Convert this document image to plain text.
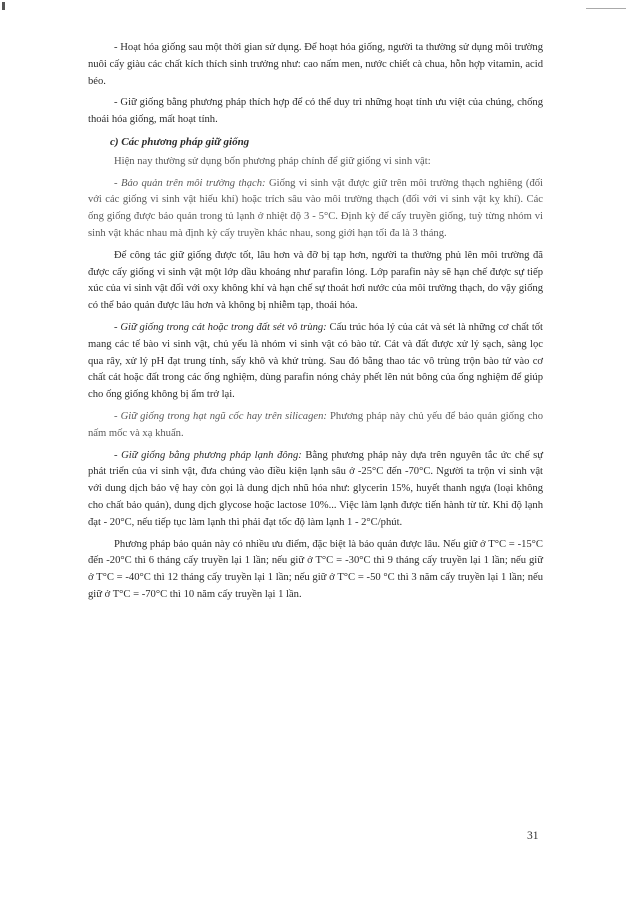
- Hoạt hóa giống sau một thời gian sử dụng. Để hoạt hóa giống, người ta thường sử dụng môi trường nuôi cấy giàu các chất kích thích sinh trưởng như: cao nấm men, nước chiết cà chua, hỗn hợp vitamin, acid béo.

- Giữ giống bằng phương pháp thích hợp để có thể duy trì những hoạt tính ưu việt của chúng, chống thoái hóa giống, mất hoạt tính.

c) Các phương pháp giữ giống

Hiện nay thường sử dụng bốn phương pháp chính để giữ giống vi sinh vật:

- Bảo quản trên môi trường thạch: Giống vi sinh vật được giữ trên môi trường thạch nghiêng (đối với các giống vi sinh vật hiếu khí) hoặc trích sâu vào môi trường thạch (đối với vi sinh vật kỵ khí). Các ống giống được bảo quản trong tủ lạnh ở nhiệt độ 3 - 5°C. Định kỳ để cấy truyền giống, tuỳ từng nhóm vi sinh vật khác nhau mà định kỳ cấy truyền khác nhau, song giới hạn tối đa là 3 tháng.

Để công tác giữ giống được tốt, lâu hơn và đỡ bị tạp hơn, người ta thường phủ lên môi trường đã được cấy giống vi sinh vật một lớp dầu khoáng như parafin lỏng. Lớp parafin này sẽ hạn chế được sự tiếp xúc của vi sinh vật đối với oxy không khí và hạn chế sự thoát hơi nước của môi trường thạch, do vậy giống có thể bảo quản được lâu hơn và không bị nhiễm tạp, thoái hóa.

- Giữ giống trong cát hoặc trong đất sét vô trùng: Cấu trúc hóa lý của cát và sét là những cơ chất tốt mang các tế bào vi sinh vật, chủ yếu là nhóm vi sinh vật có bào tử. Cát và đất được xử lý sạch, sàng lọc qua rây, xử lý pH đạt trung tính, sấy khô và khử trùng. Sau đó bằng thao tác vô trùng trộn bào tử vào cơ chất cát hoặc đất trong các ống nghiệm, dùng parafin nóng chảy phết lên nút bông của ống nghiệm để giúp cho ống giống không bị ẩm trở lại.

- Giữ giống trong hạt ngũ cốc hay trên silicagen: Phương pháp này chủ yếu để bảo quản giống cho nấm mốc và xạ khuẩn.

- Giữ giống bằng phương pháp lạnh đông: Bằng phương pháp này dựa trên nguyên tắc ức chế sự phát triển của vi sinh vật, đưa chúng vào điều kiện lạnh sâu ở -25°C đến -70°C. Người ta trộn vi sinh vật với dung dịch bảo vệ hay còn gọi là dung dịch nhũ hóa như: glycerin 15%, huyết thanh ngựa (loại không cho chất bảo quản), dung dịch glycose hoặc lactose 10%... Việc làm lạnh được tiến hành từ từ. Khi độ lạnh đạt - 20°C, nếu tiếp tục làm lạnh thì phải đạt tốc độ làm lạnh 1 - 2°C/phút.

Phương pháp bảo quản này có nhiều ưu điểm, đặc biệt là bảo quản được lâu. Nếu giữ ở T°C = -15°C đến -20°C thì 6 tháng cấy truyền lại 1 lần; nếu giữ ở T°C = -30°C thì 9 tháng cấy truyền lại 1 lần; nếu giữ ở T°C = -40°C thì 12 tháng cấy truyền lại 1 lần; nếu giữ ở T°C = -50 °C thì 3 năm cấy truyền lại 1 lần; nếu giữ ở T°C = -70°C thì 10 năm cấy truyền lại 1 lần.

31
